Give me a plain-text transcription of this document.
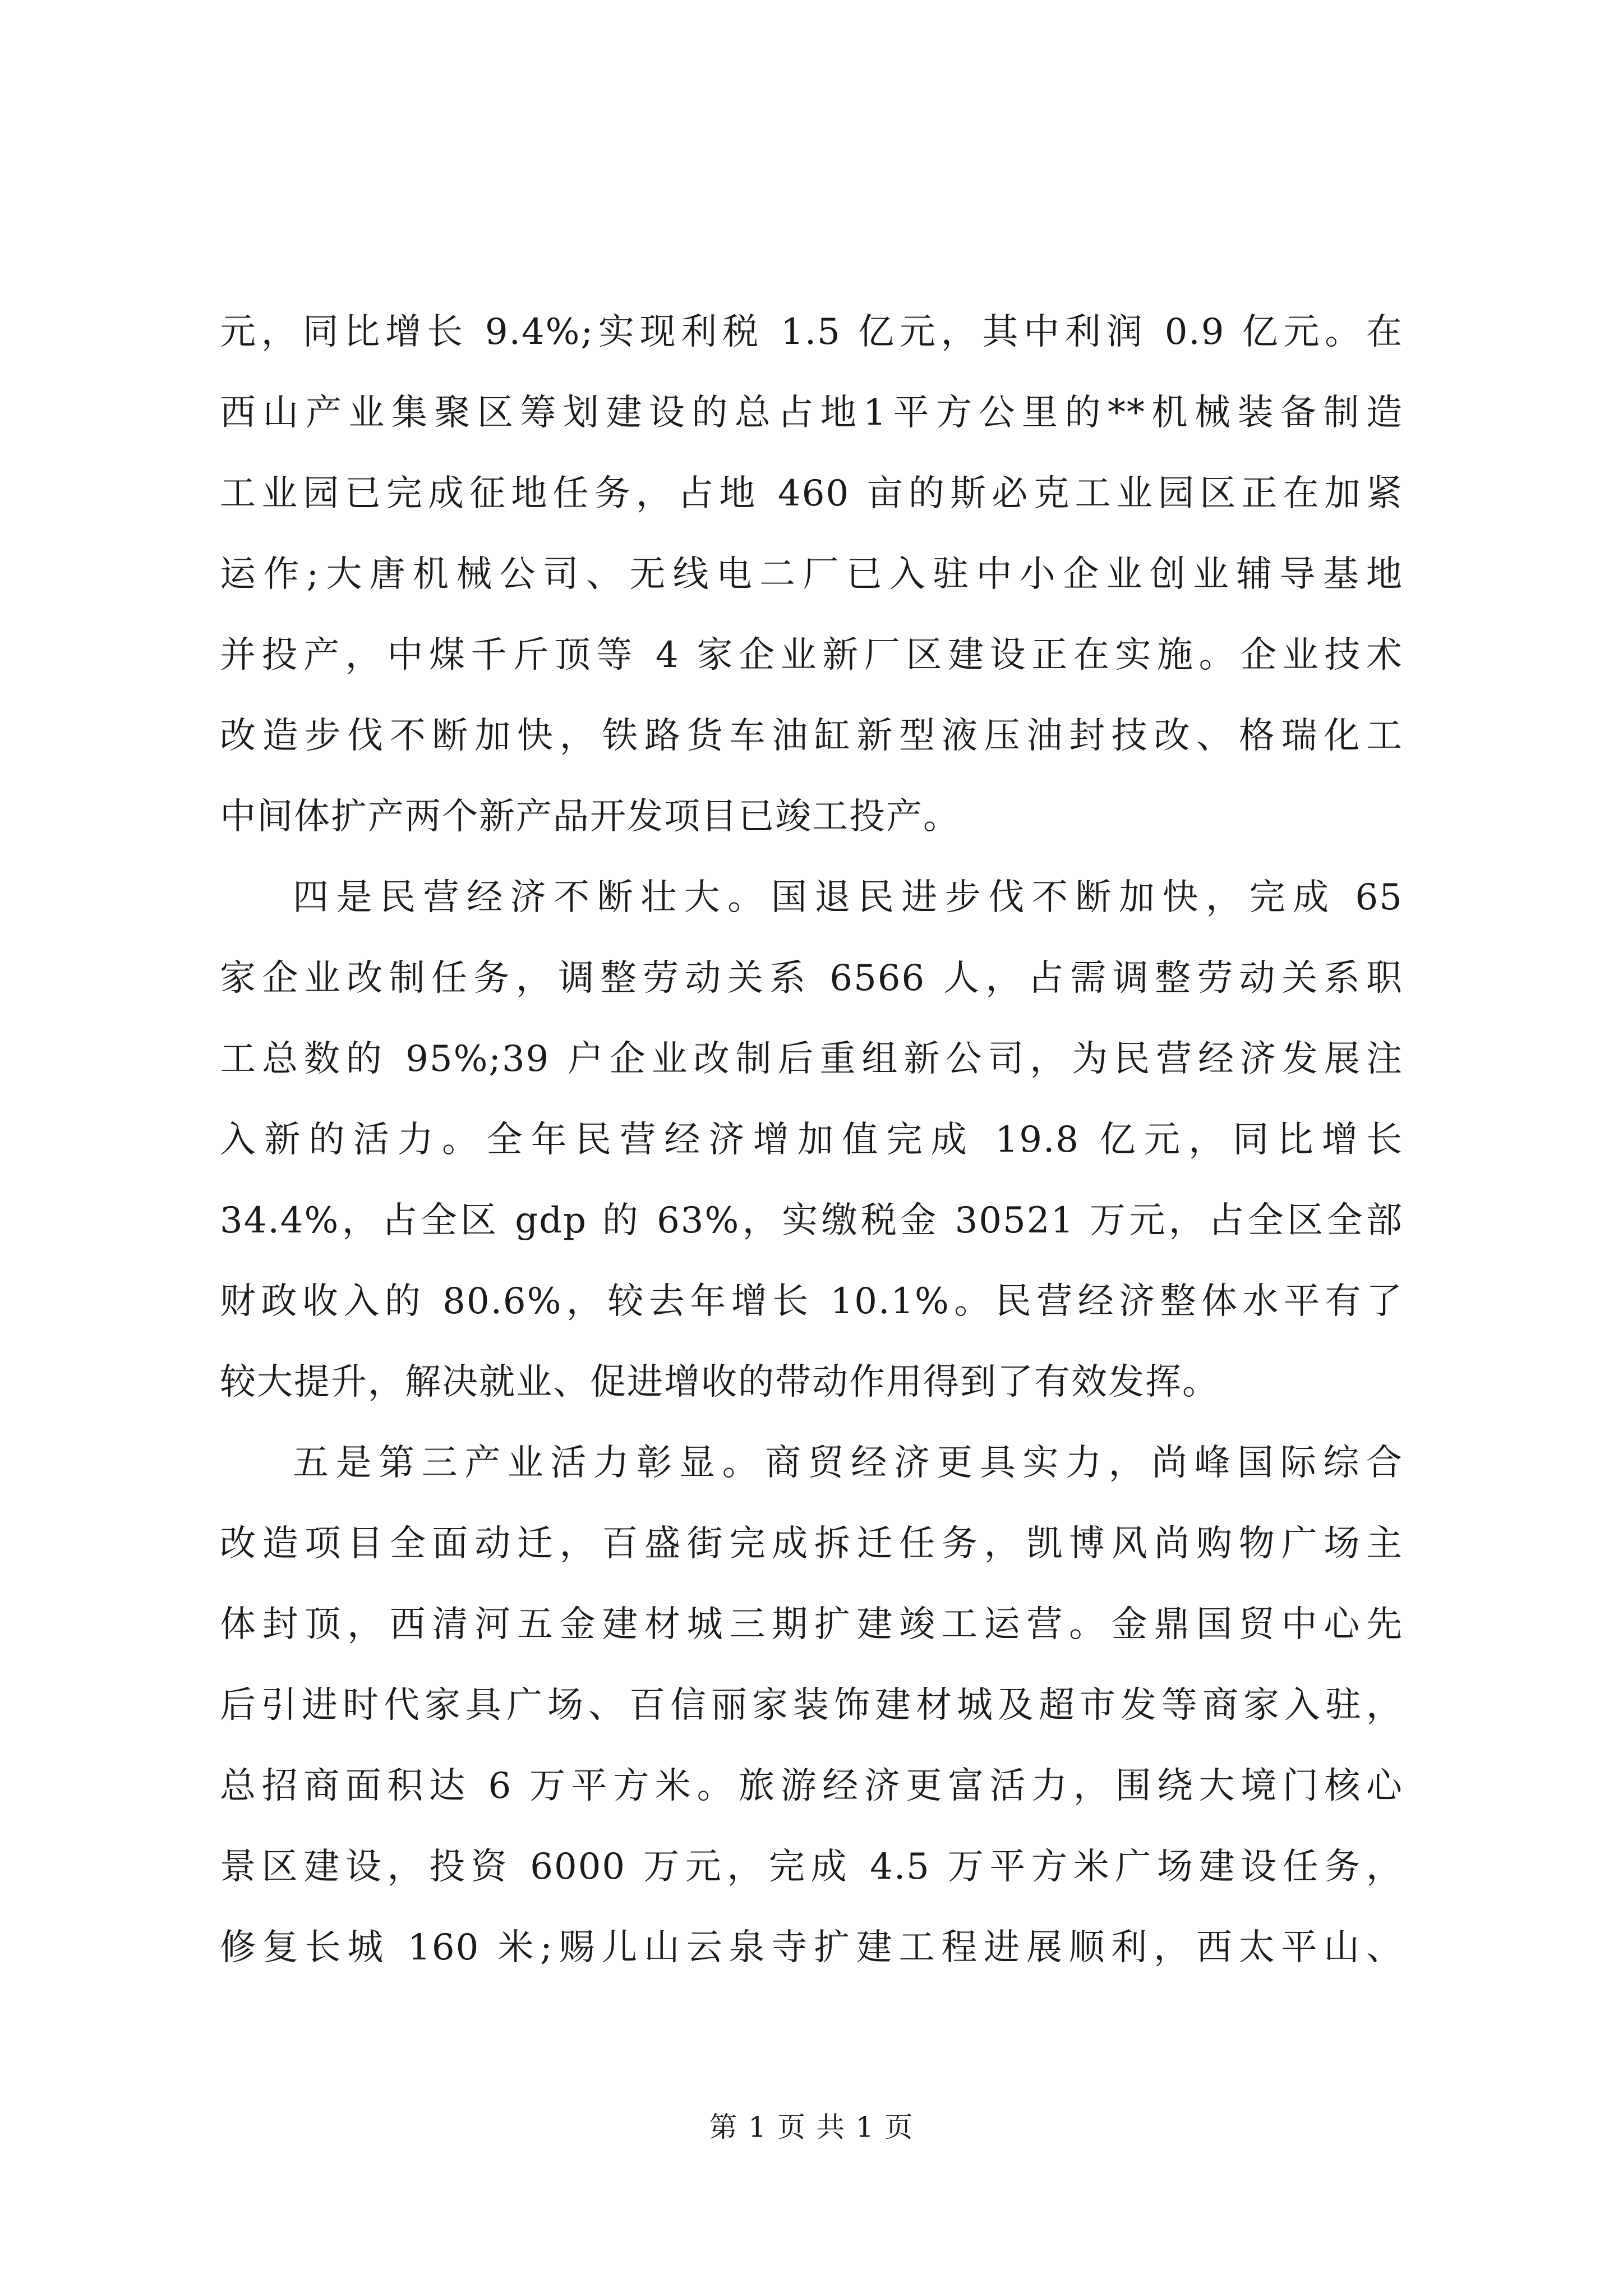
元，同比增长 9.4%;实现利税 1.5 亿元，其中利润 0.9 亿元。在
西山产业集聚区筹划建设的总占地1平方公里的**机械装备制造
工业园已完成征地任务，占地 460 亩的斯必克工业园区正在加紧
运作;大唐机械公司、无线电二厂已入驻中小企业创业辅导基地
并投产，中煤千斤顶等 4 家企业新厂区建设正在实施。企业技术
改造步伐不断加快，铁路货车油缸新型液压油封技改、格瑞化工
中间体扩产两个新产品开发项目已竣工投产。
四是民营经济不断壮大。国退民进步伐不断加快，完成 65
家企业改制任务，调整劳动关系 6566 人，占需调整劳动关系职
工总数的 95%;39 户企业改制后重组新公司，为民营经济发展注
入新的活力。全年民营经济增加值完成 19.8 亿元，同比增长
34.4%，占全区 gdp 的 63%，实缴税金 30521 万元，占全区全部
财政收入的 80.6%，较去年增长 10.1%。民营经济整体水平有了
较大提升，解决就业、促进增收的带动作用得到了有效发挥。
五是第三产业活力彰显。商贸经济更具实力，尚峰国际综合
改造项目全面动迁，百盛街完成拆迁任务，凯博风尚购物广场主
体封顶，西清河五金建材城三期扩建竣工运营。金鼎国贸中心先
后引进时代家具广场、百信丽家装饰建材城及超市发等商家入驻，
总招商面积达 6 万平方米。旅游经济更富活力，围绕大境门核心
景区建设，投资 6000 万元，完成 4.5 万平方米广场建设任务，
修复长城 160 米;赐儿山云泉寺扩建工程进展顺利，西太平山、
第 1 页 共 1 页
